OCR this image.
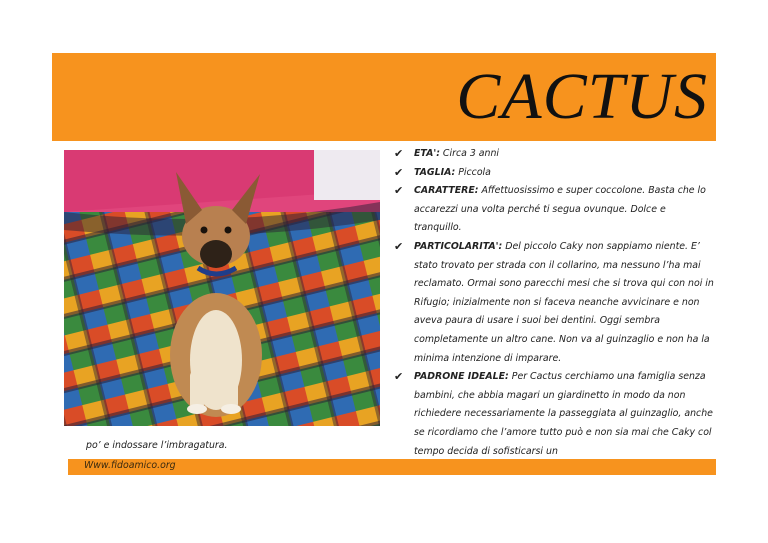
CACTUS
✔ ETA': Circa 3 anni
✔ TAGLIA: Piccola
✔ CARATTERE: Affettuosissimo e super coccolone. Basta che lo accarezzi una volta perché ti segua ovunque. Dolce e tranquillo.
✔ PARTICOLARITA': Del piccolo Caky non sappiamo niente. E’ stato trovato per strada con il collarino, ma nessuno l’ha mai reclamato. Ormai sono parecchi mesi che si trova qui con noi in Rifugio; inizialmente non si faceva neanche avvicinare e non aveva paura di usare i suoi bei dentini. Oggi sembra completamente un altro cane. Non va al guinzaglio e non ha la minima intenzione di imparare.
✔ PADRONE IDEALE: Per Cactus cerchiamo una famiglia senza bambini, che abbia magari un giardinetto in modo da non richiedere necessariamente la passeggiata al guinzaglio, anche se ricordiamo che l’amore tutto può e non sia mai che Caky col tempo decida di sofisticarsi un
po’ e indossare l’imbragatura.
Www.fidoamico.org
